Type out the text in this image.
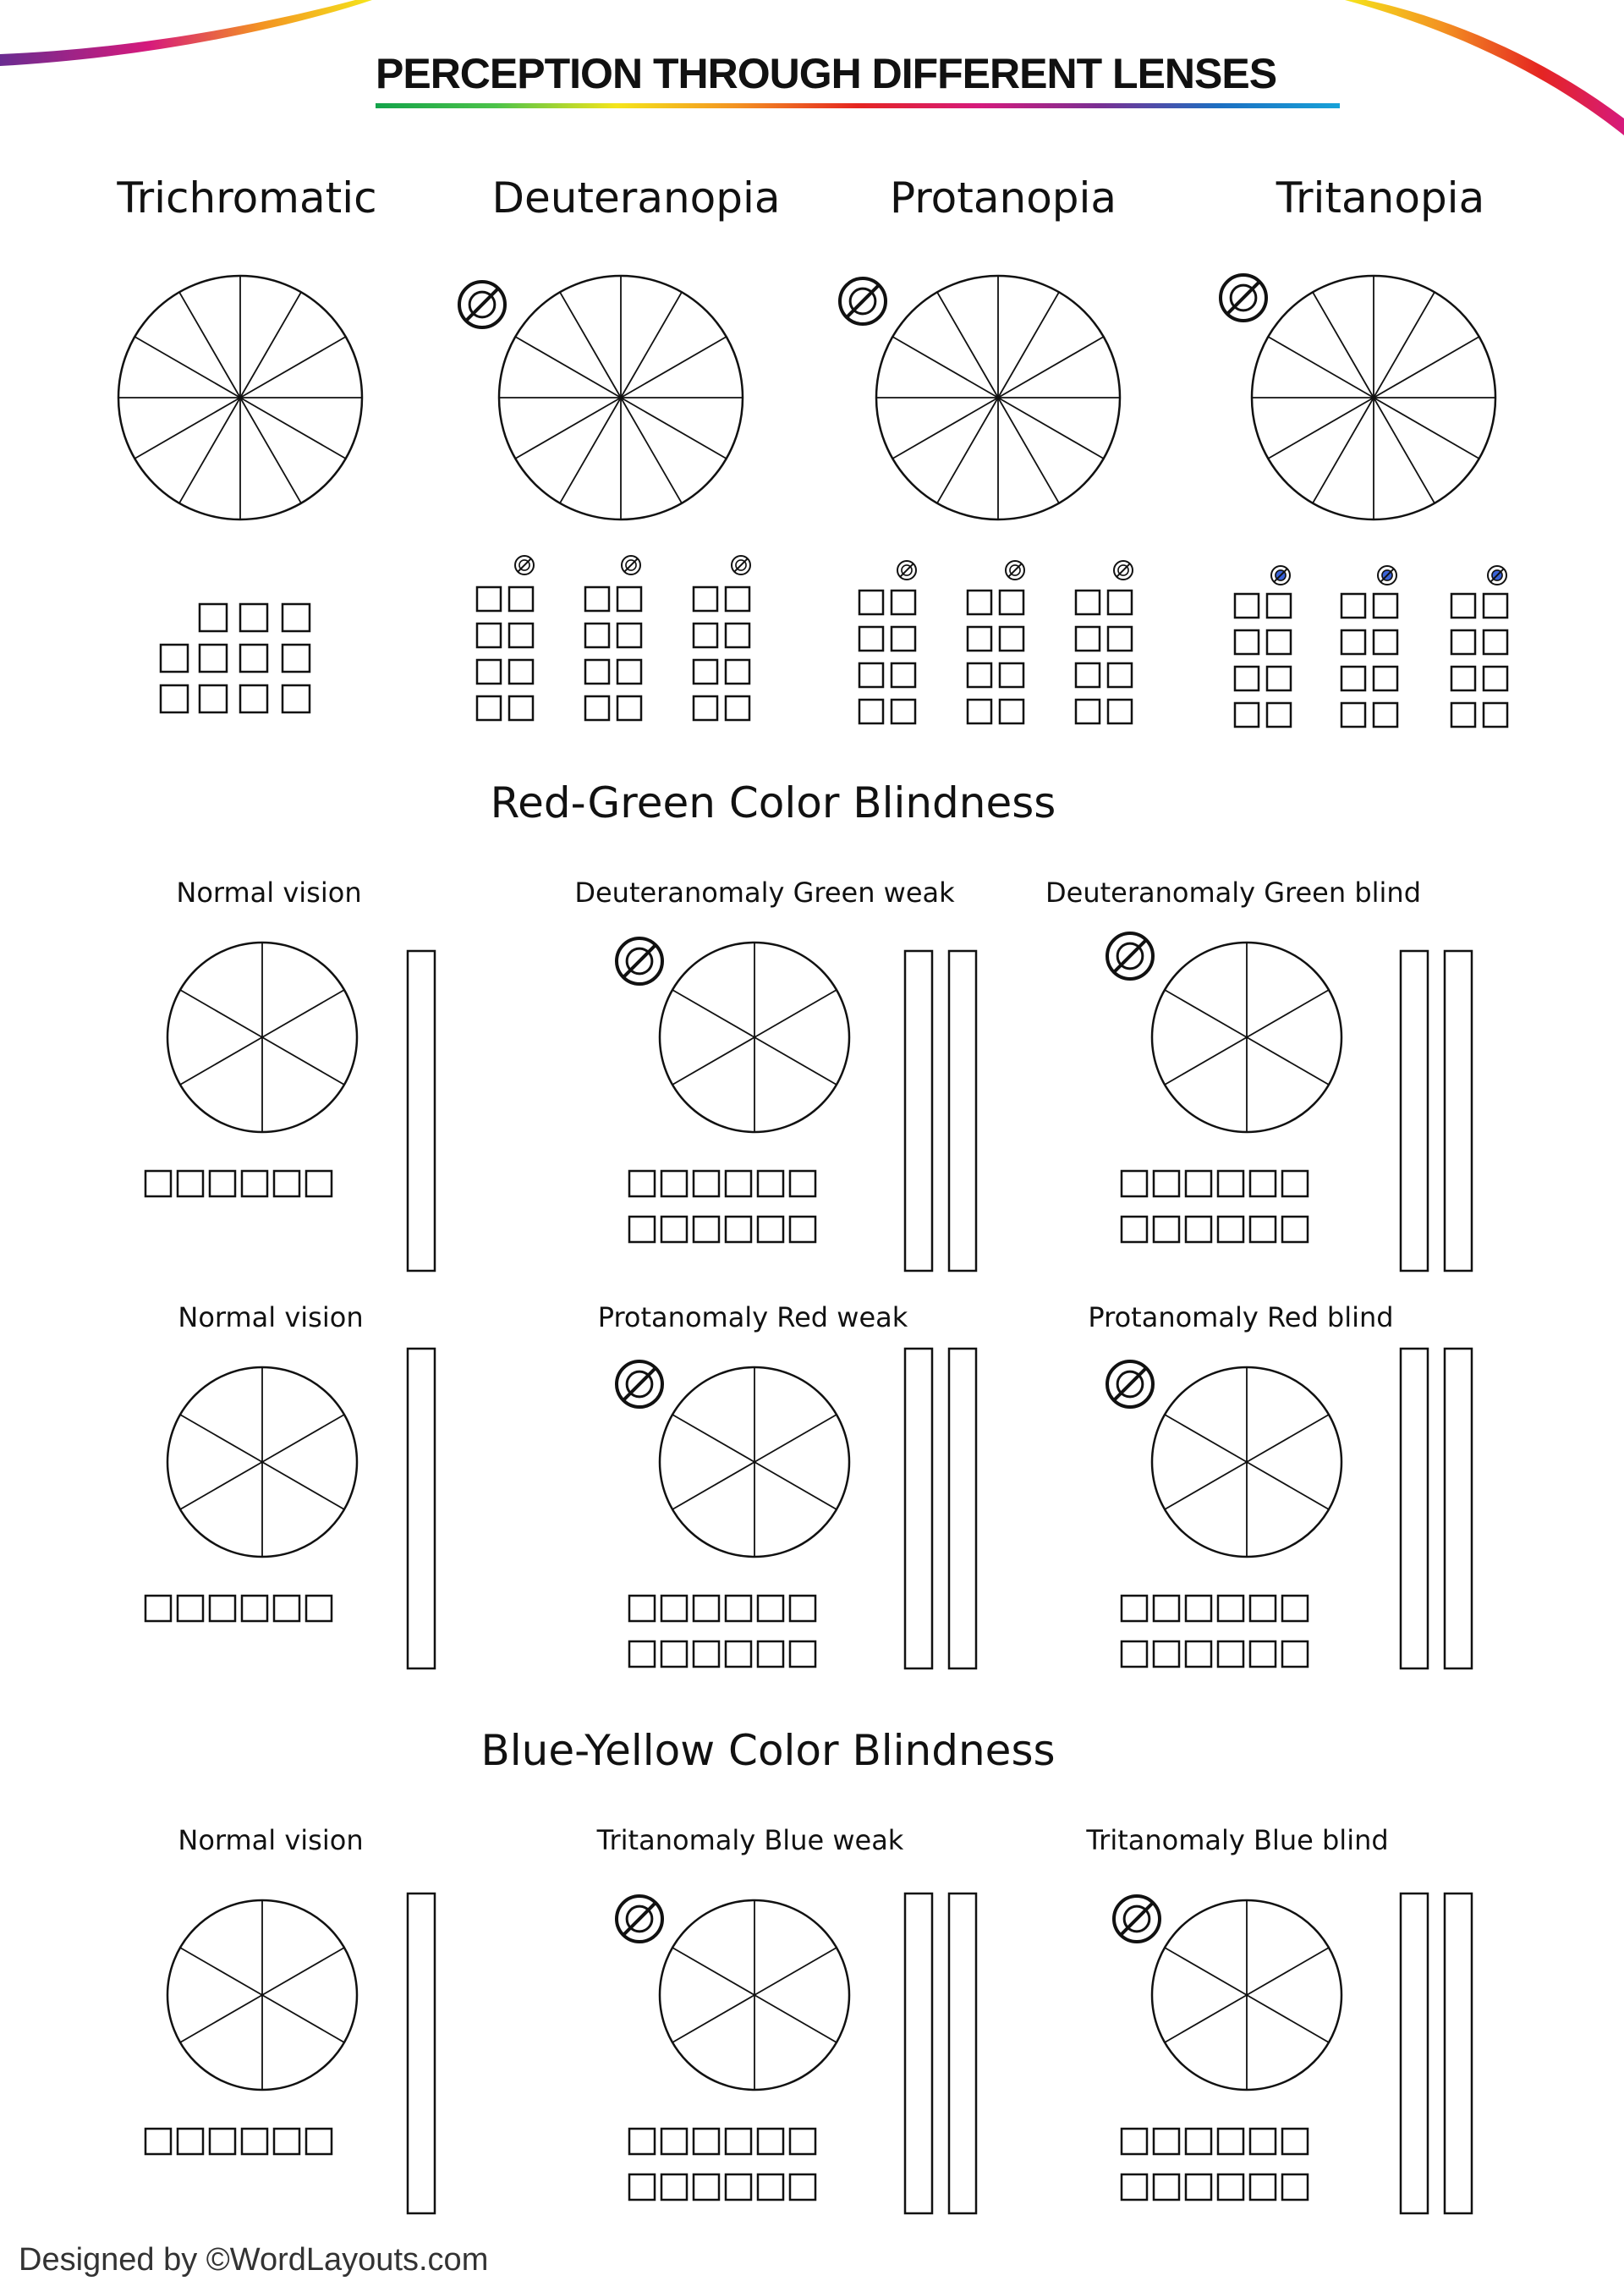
PERCEPTION THROUGH DIFFERENT LENSES
Trichromatic	Deuteranopia	Protanopia	Tritanopia
Red-Green Color Blindness
Blue-Yellow Color Blindness
Normal vision	Deuteranomaly Green weak	Deuteranomaly Green blind
Normal vision	Protanomaly Red weak	Protanomaly Red blind
Normal vision	Tritanomaly Blue weak	Tritanomaly Blue blind
Designed by ©WordLayouts.com
